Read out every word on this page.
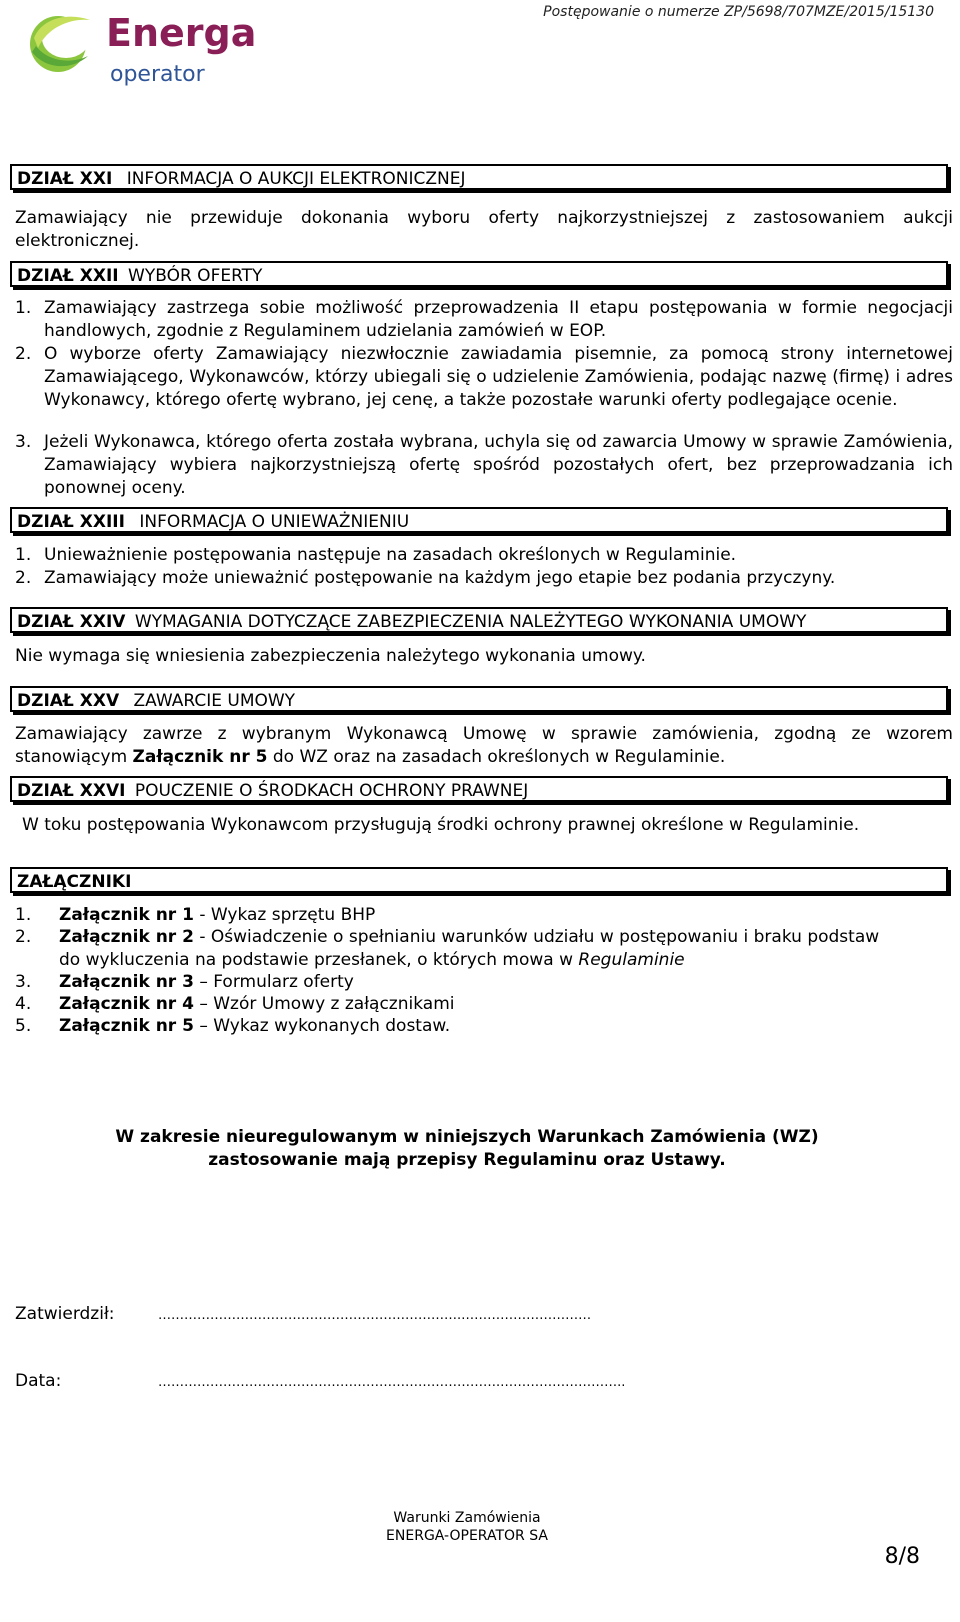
Energa
operator
Postępowanie o numerze ZP/5698/707MZE/2015/15130
DZIAŁ XXI INFORMACJA O AUKCJI ELEKTRONICZNEJ
Zamawiający nie przewiduje dokonania wyboru oferty najkorzystniejszej z zastosowaniem aukcji elektronicznej.
DZIAŁ XXII WYBÓR OFERTY
1. Zamawiający zastrzega sobie możliwość przeprowadzenia II etapu postępowania w formie negocjacji handlowych, zgodnie z Regulaminem udzielania zamówień w EOP.
2. O wyborze oferty Zamawiający niezwłocznie zawiadamia pisemnie, za pomocą strony internetowej Zamawiającego, Wykonawców, którzy ubiegali się o udzielenie Zamówienia, podając nazwę (firmę) i adres Wykonawcy, którego ofertę wybrano, jej cenę, a także pozostałe warunki oferty podlegające ocenie.
3. Jeżeli Wykonawca, którego oferta została wybrana, uchyla się od zawarcia Umowy w sprawie Zamówienia, Zamawiający wybiera najkorzystniejszą ofertę spośród pozostałych ofert, bez przeprowadzania ich ponownej oceny.
DZIAŁ XXIII INFORMACJA O UNIEWAŻNIENIU
1. Unieważnienie postępowania następuje na zasadach określonych w Regulaminie.
2. Zamawiający może unieważnić postępowanie na każdym jego etapie bez podania przyczyny.
DZIAŁ XXIV WYMAGANIA DOTYCZĄCE ZABEZPIECZENIA NALEŻYTEGO WYKONANIA UMOWY
Nie wymaga się wniesienia zabezpieczenia należytego wykonania umowy.
DZIAŁ XXV ZAWARCIE UMOWY
Zamawiający zawrze z wybranym Wykonawcą Umowę w sprawie zamówienia, zgodną ze wzorem stanowiącym Załącznik nr 5 do WZ oraz na zasadach określonych w Regulaminie.
DZIAŁ XXVI POUCZENIE O ŚRODKACH OCHRONY PRAWNEJ
W toku postępowania Wykonawcom przysługują środki ochrony prawnej określone w Regulaminie.
ZAŁĄCZNIKI
1. Załącznik nr 1 - Wykaz sprzętu BHP
2. Załącznik nr 2 - Oświadczenie o spełnianiu warunków udziału w postępowaniu i braku podstaw do wykluczenia na podstawie przesłanek, o których mowa w Regulaminie
3. Załącznik nr 3 – Formularz oferty
4. Załącznik nr 4 – Wzór Umowy z załącznikami
5. Załącznik nr 5 – Wykaz wykonanych dostaw.
W zakresie nieuregulowanym w niniejszych Warunkach Zamówienia (WZ)
zastosowanie mają przepisy Regulaminu oraz Ustawy.
Zatwierdził:	…………………………………………………………….…………………………
Data:	…………………………………………………………………….………………………..
Warunki Zamówienia
ENERGA-OPERATOR SA
8/8
